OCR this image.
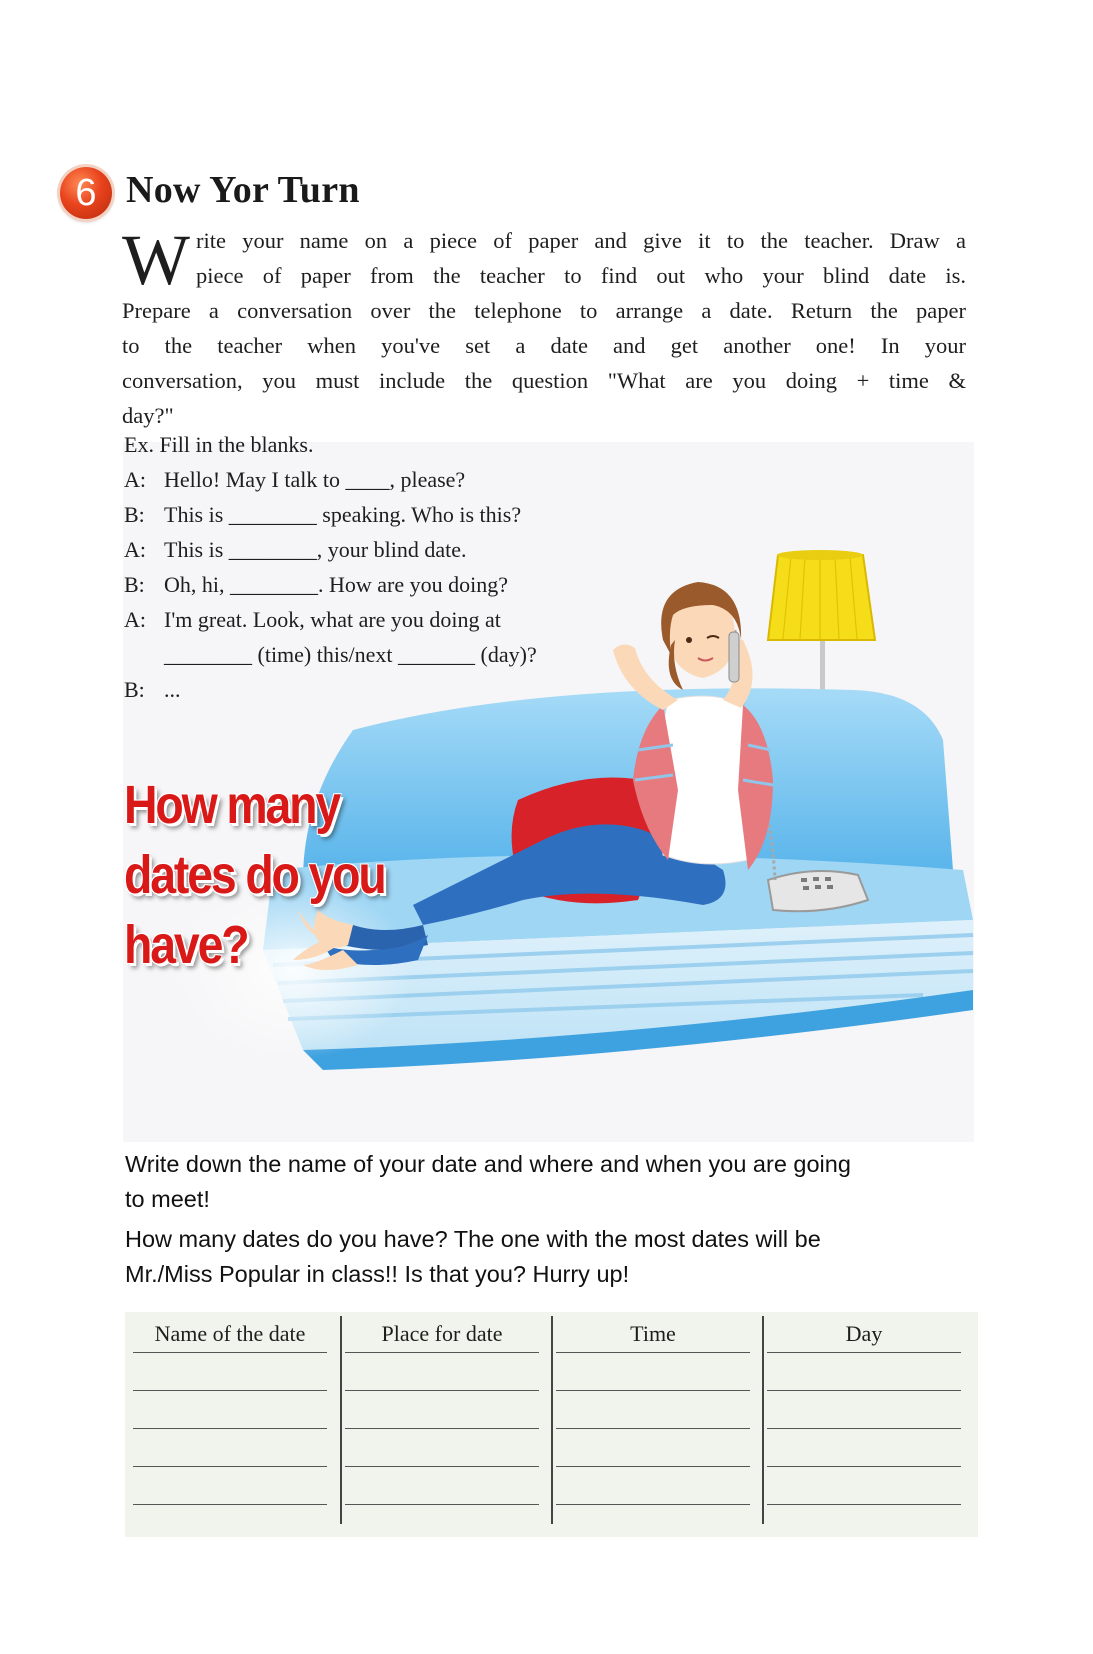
6 Now Yor Turn
W rite your name on a piece of paper and give it to the teacher. Draw a
piece of paper from the teacher to find out who your blind date is.
Prepare a conversation over the telephone to arrange a date. Return the paper
to the teacher when you've set a date and get another one! In your
conversation, you must include the question "What are you doing + time &
day?"
Ex. Fill in the blanks.
A: Hello! May I talk to ____, please?
B: This is ________ speaking. Who is this?
A: This is ________, your blind date.
B: Oh, hi, ________. How are you doing?
A: I'm great. Look, what are you doing at
________ (time) this/next _______ (day)?
B: ...
How many
dates do you
have?
Write down the name of your date and where and when you are going
to meet!
How many dates do you have? The one with the most dates will be
Mr./Miss Popular in class!! Is that you? Hurry up!
Name of the date	Place for date	Time	Day
